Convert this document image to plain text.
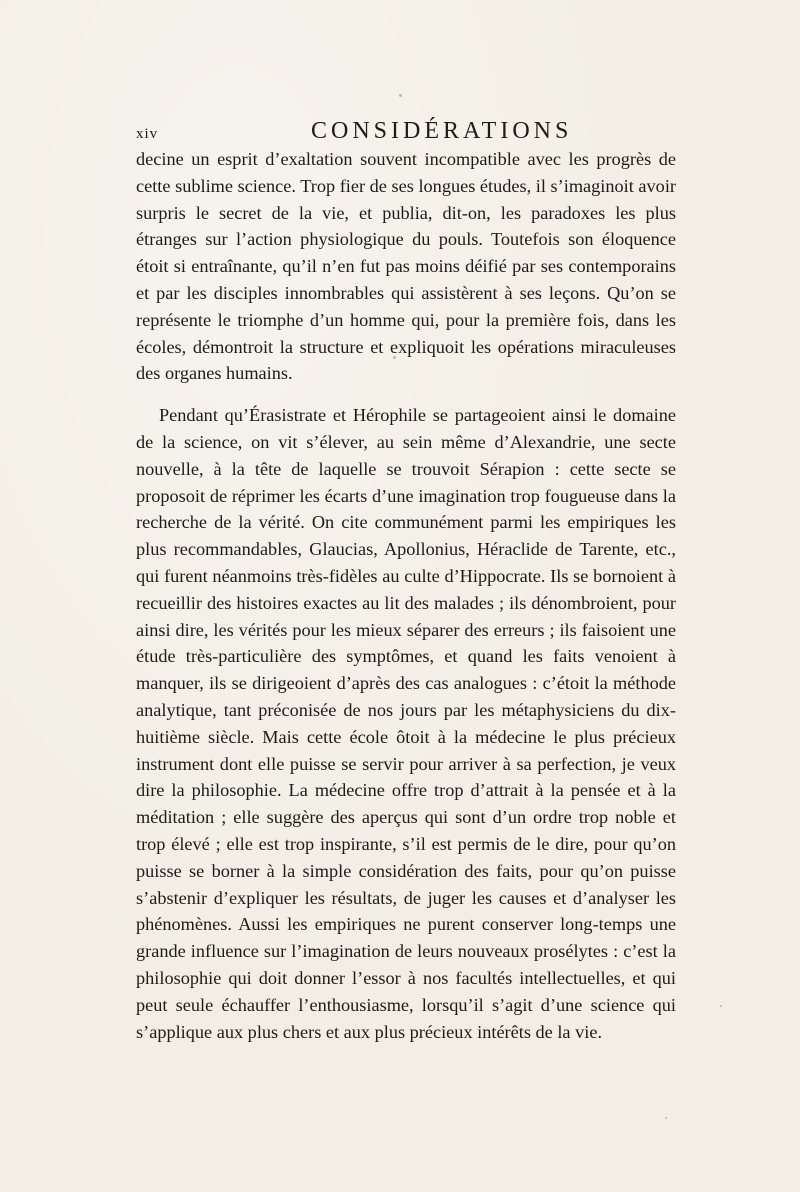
xiv	CONSIDÉRATIONS

decine un esprit d’exaltation souvent incompatible avec les progrès de cette sublime science. Trop fier de ses longues études, il s’imaginoit avoir surpris le secret de la vie, et publia, dit-on, les paradoxes les plus étranges sur l’action physiologique du pouls. Toutefois son éloquence étoit si entraînante, qu’il n’en fut pas moins déifié par ses contemporains et par les disciples innombrables qui assistèrent à ses leçons. Qu’on se représente le triomphe d’un homme qui, pour la première fois, dans les écoles, démontroit la structure et expliquoit les opérations miraculeuses des organes humains.

Pendant qu’Érasistrate et Hérophile se partageoient ainsi le domaine de la science, on vit s’élever, au sein même d’Alexandrie, une secte nouvelle, à la tête de laquelle se trouvoit Sérapion : cette secte se proposoit de réprimer les écarts d’une imagination trop fougueuse dans la recherche de la vérité. On cite communément parmi les empiriques les plus recommandables, Glaucias, Apollonius, Héraclide de Tarente, etc., qui furent néanmoins très-fidèles au culte d’Hippocrate. Ils se bornoient à recueillir des histoires exactes au lit des malades ; ils dénombroient, pour ainsi dire, les vérités pour les mieux séparer des erreurs ; ils faisoient une étude très-particulière des symptômes, et quand les faits venoient à manquer, ils se dirigeoient d’après des cas analogues : c’étoit la méthode analytique, tant préconisée de nos jours par les métaphysiciens du dix-huitième siècle. Mais cette école ôtoit à la médecine le plus précieux instrument dont elle puisse se servir pour arriver à sa perfection, je veux dire la philosophie. La médecine offre trop d’attrait à la pensée et à la méditation ; elle suggère des aperçus qui sont d’un ordre trop noble et trop élevé ; elle est trop inspirante, s’il est permis de le dire, pour qu’on puisse se borner à la simple considération des faits, pour qu’on puisse s’abstenir d’expliquer les résultats, de juger les causes et d’analyser les phénomènes. Aussi les empiriques ne purent conserver long-temps une grande influence sur l’imagination de leurs nouveaux prosélytes : c’est la philosophie qui doit donner l’essor à nos facultés intellectuelles, et qui peut seule échauffer l’enthousiasme, lorsqu’il s’agit d’une science qui s’applique aux plus chers et aux plus précieux intérêts de la vie.
